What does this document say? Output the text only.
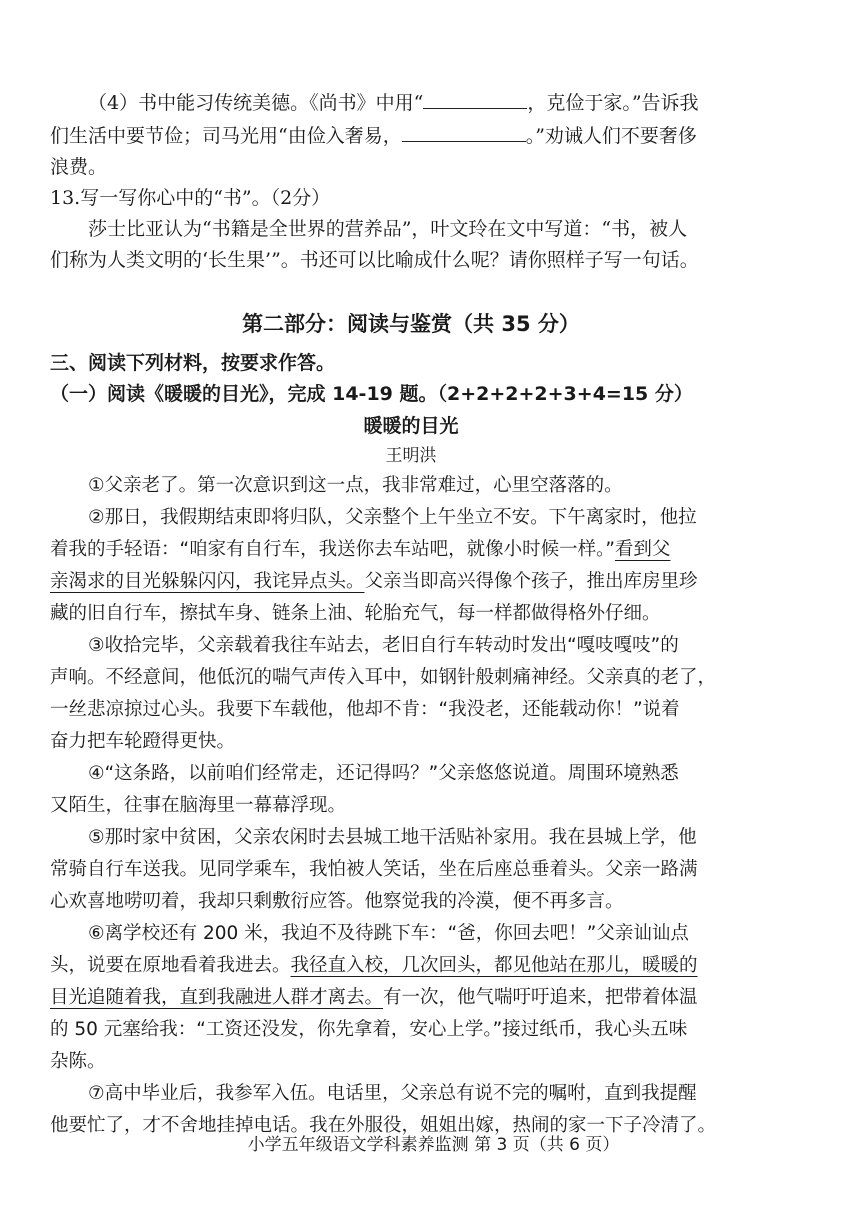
（4）书中能习传统美德。《尚书》中用“	，克俭于家。”告诉我
们生活中要节俭；司马光用“由俭入奢易，	。”劝诫人们不要奢侈
浪费。
13.写一写你心中的“书”。（2分）
莎士比亚认为“书籍是全世界的营养品”，叶文玲在文中写道：“书，被人
们称为人类文明的‘长生果’”。书还可以比喻成什么呢？请你照样子写一句话。
第二部分：阅读与鉴赏（共 35 分）
三、阅读下列材料，按要求作答。
（一）阅读《暖暖的目光》，完成 14-19 题。（2+2+2+2+3+4=15 分）
暖暖的目光
王明洪
①父亲老了。第一次意识到这一点，我非常难过，心里空落落的。
②那日，我假期结束即将归队，父亲整个上午坐立不安。下午离家时，他拉
着我的手轻语：“咱家有自行车，我送你去车站吧，就像小时候一样。”看到父
亲渴求的目光躲躲闪闪，我诧异点头。父亲当即高兴得像个孩子，推出库房里珍
藏的旧自行车，擦拭车身、链条上油、轮胎充气，每一样都做得格外仔细。
③收拾完毕，父亲载着我往车站去，老旧自行车转动时发出“嘎吱嘎吱”的
声响。不经意间，他低沉的喘气声传入耳中，如钢针般刺痛神经。父亲真的老了，
一丝悲凉掠过心头。我要下车载他，他却不肯：“我没老，还能载动你！”说着
奋力把车轮蹬得更快。
④“这条路，以前咱们经常走，还记得吗？”父亲悠悠说道。周围环境熟悉
又陌生，往事在脑海里一幕幕浮现。
⑤那时家中贫困，父亲农闲时去县城工地干活贴补家用。我在县城上学，他
常骑自行车送我。见同学乘车，我怕被人笑话，坐在后座总垂着头。父亲一路满
心欢喜地唠叨着，我却只剩敷衍应答。他察觉我的冷漠，便不再多言。
⑥离学校还有 200 米，我迫不及待跳下车：“爸，你回去吧！”父亲讪讪点
头，说要在原地看着我进去。我径直入校，几次回头，都见他站在那儿，暖暖的
目光追随着我，直到我融进人群才离去。有一次，他气喘吁吁追来，把带着体温
的 50 元塞给我：“工资还没发，你先拿着，安心上学。”接过纸币，我心头五味
杂陈。
⑦高中毕业后，我参军入伍。电话里，父亲总有说不完的嘱咐，直到我提醒
他要忙了，才不舍地挂掉电话。我在外服役，姐姐出嫁，热闹的家一下子冷清了。
小学五年级语文学科素养监测 第 3 页（共 6 页）
